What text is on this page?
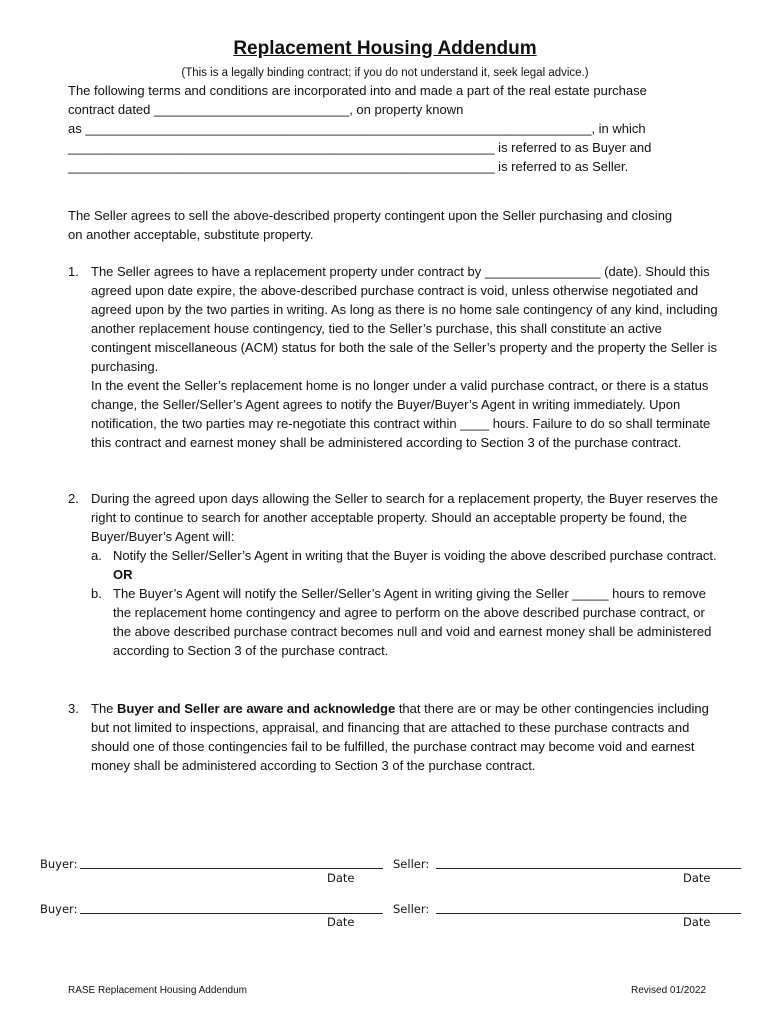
Replacement Housing Addendum
(This is a legally binding contract; if you do not understand it, seek legal advice.)
The following terms and conditions are incorporated into and made a part of the real estate purchase
contract dated ___________________________, on property known
as ______________________________________________________________________, in which
___________________________________________________________ is referred to as Buyer and
___________________________________________________________ is referred to as Seller.
The Seller agrees to sell the above-described property contingent upon the Seller purchasing and closing on another acceptable, substitute property.
1. The Seller agrees to have a replacement property under contract by ________________ (date). Should this agreed upon date expire, the above-described purchase contract is void, unless otherwise negotiated and agreed upon by the two parties in writing. As long as there is no home sale contingency of any kind, including another replacement house contingency, tied to the Seller’s purchase, this shall constitute an active contingent miscellaneous (ACM) status for both the sale of the Seller’s property and the property the Seller is purchasing.
In the event the Seller’s replacement home is no longer under a valid purchase contract, or there is a status change, the Seller/Seller’s Agent agrees to notify the Buyer/Buyer’s Agent in writing immediately. Upon notification, the two parties may re-negotiate this contract within ____ hours. Failure to do so shall terminate this contract and earnest money shall be administered according to Section 3 of the purchase contract.
2. During the agreed upon days allowing the Seller to search for a replacement property, the Buyer reserves the right to continue to search for another acceptable property. Should an acceptable property be found, the Buyer/Buyer’s Agent will:
a. Notify the Seller/Seller’s Agent in writing that the Buyer is voiding the above described purchase contract.
OR
b. The Buyer’s Agent will notify the Seller/Seller’s Agent in writing giving the Seller _____ hours to remove the replacement home contingency and agree to perform on the above described purchase contract, or the above described purchase contract becomes null and void and earnest money shall be administered according to Section 3 of the purchase contract.
3. The Buyer and Seller are aware and acknowledge that there are or may be other contingencies including but not limited to inspections, appraisal, and financing that are attached to these purchase contracts and should one of those contingencies fail to be fulfilled, the purchase contract may become void and earnest money shall be administered according to Section 3 of the purchase contract.
Buyer:
Date
Seller:
Date
Buyer:
Date
Seller:
Date
RASE Replacement Housing Addendum	Revised 01/2022
